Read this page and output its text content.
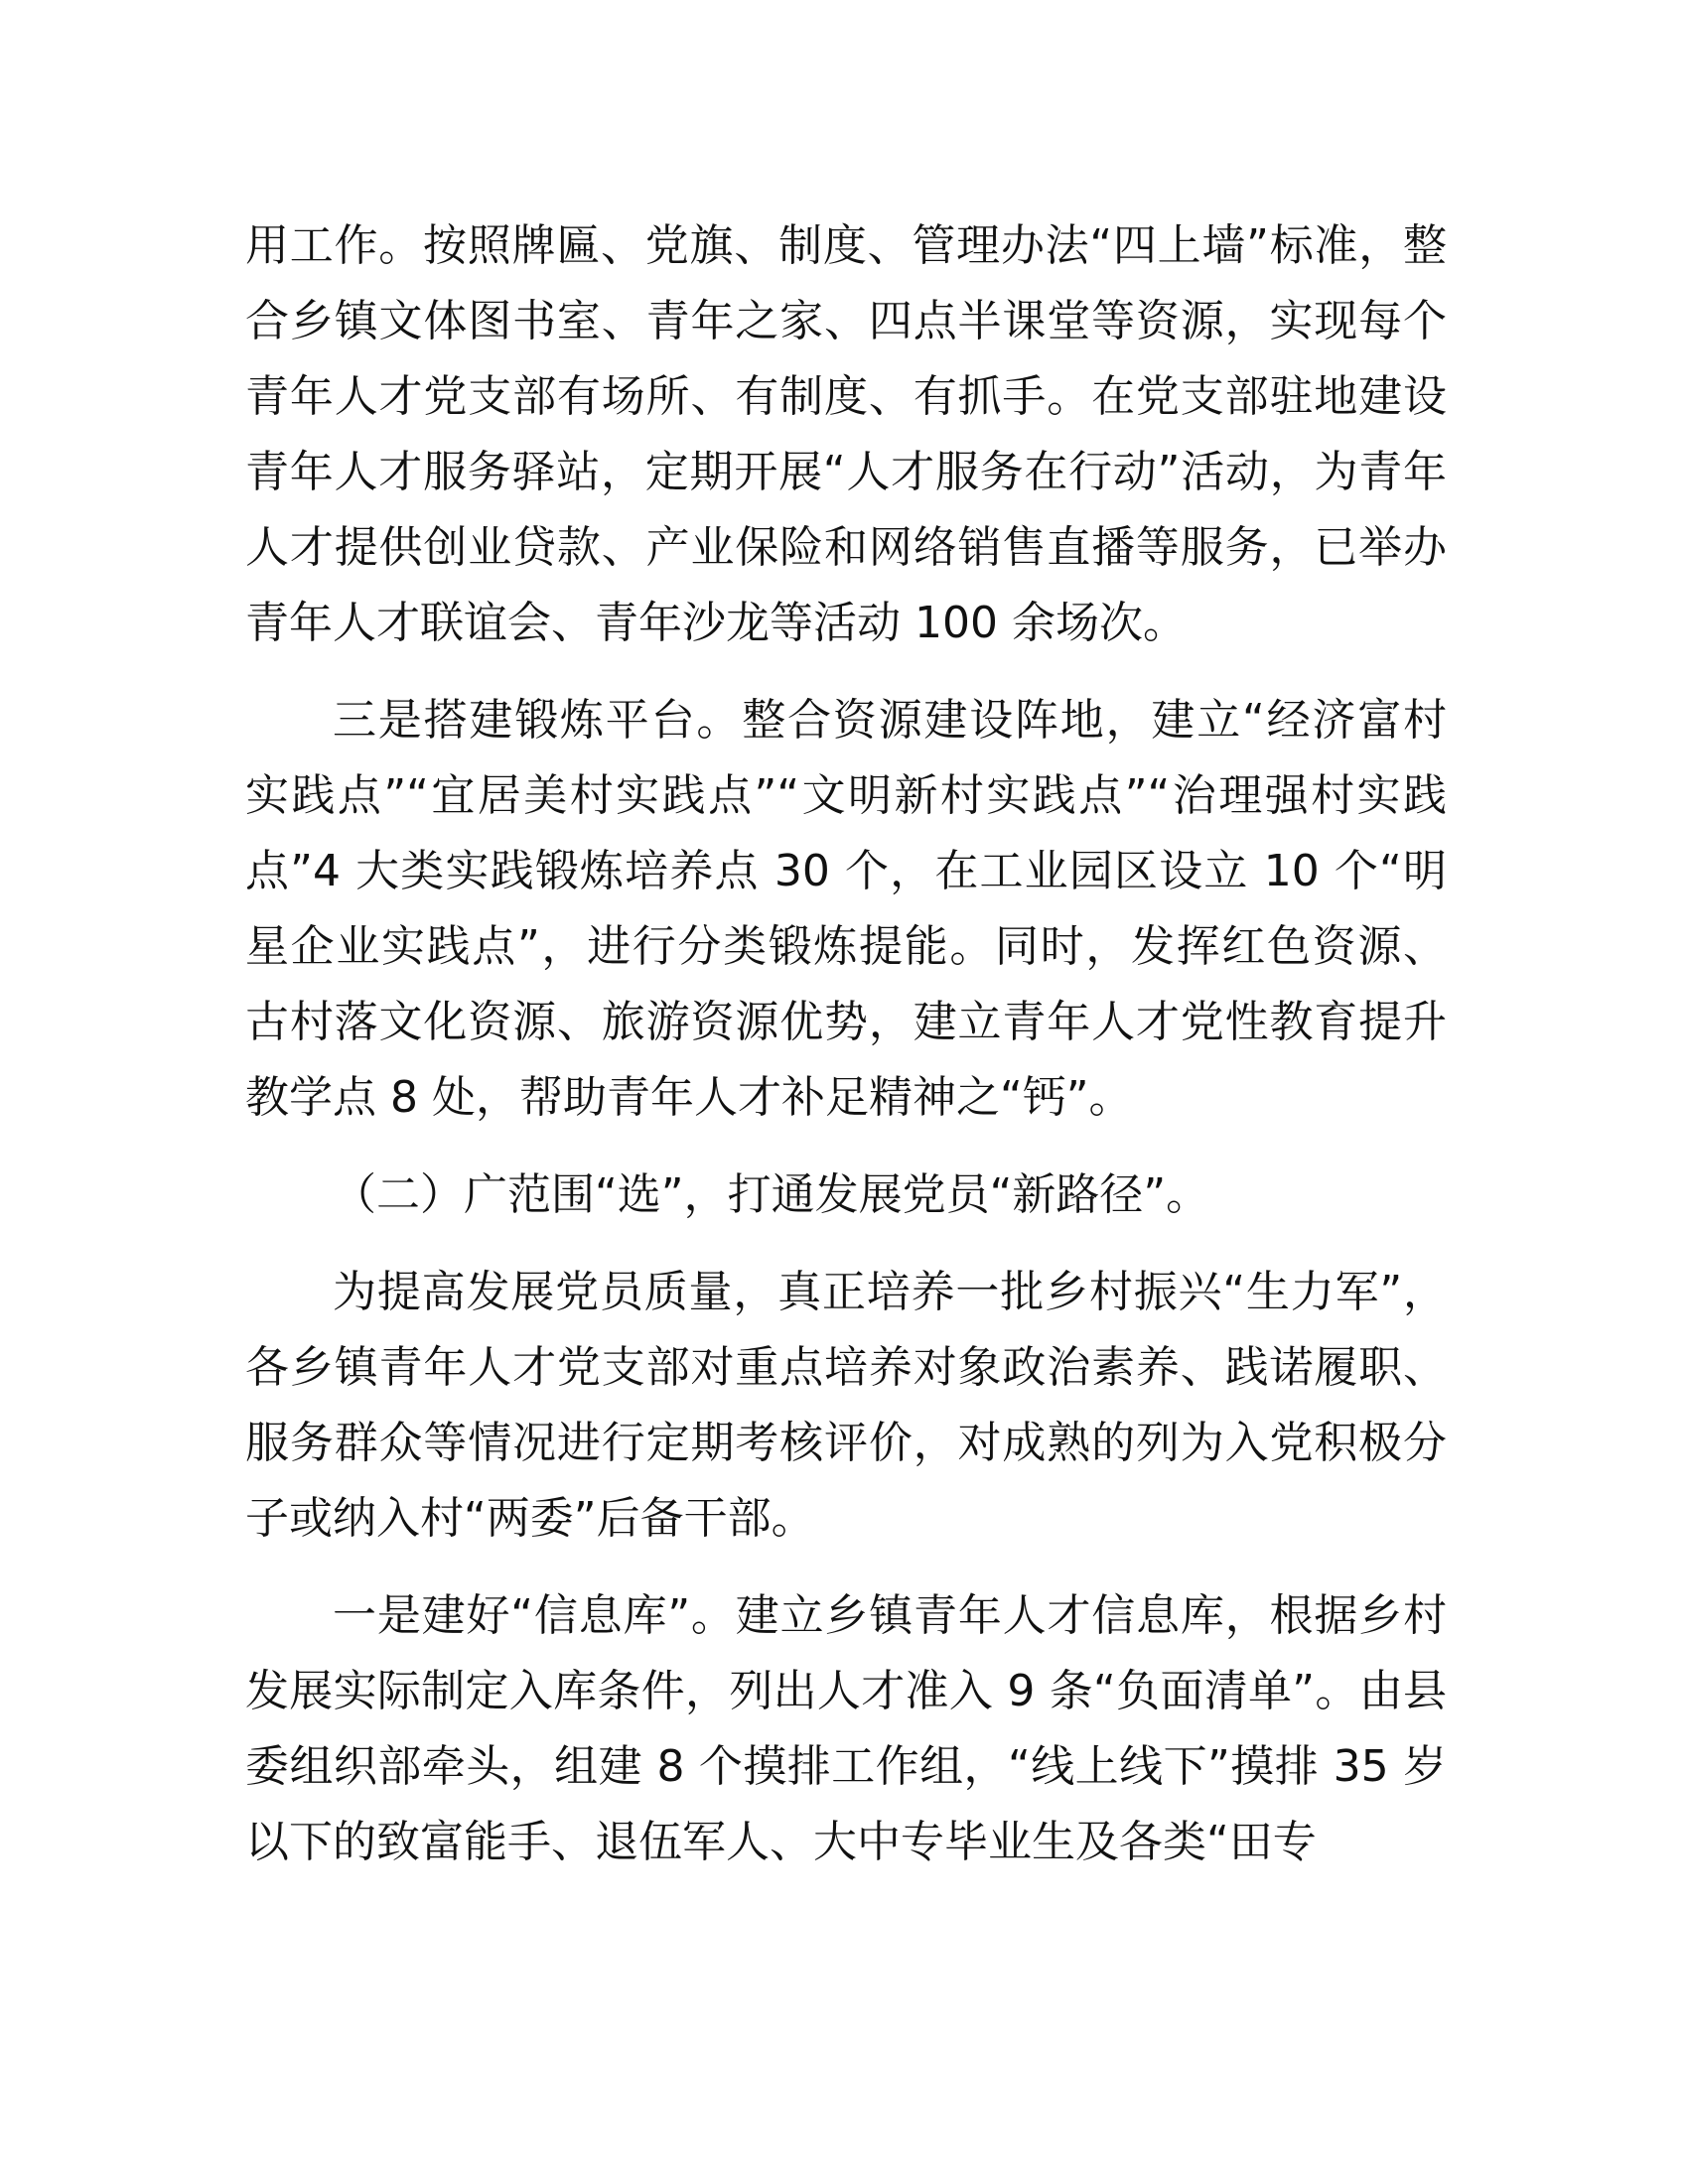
用工作。按照牌匾、党旗、制度、管理办法“四上墙”标准，整合乡镇文体图书室、青年之家、四点半课堂等资源，实现每个青年人才党支部有场所、有制度、有抓手。在党支部驻地建设青年人才服务驿站，定期开展“人才服务在行动”活动，为青年人才提供创业贷款、产业保险和网络销售直播等服务，已举办青年人才联谊会、青年沙龙等活动 100 余场次。

三是搭建锻炼平台。整合资源建设阵地，建立“经济富村实践点”“宜居美村实践点”“文明新村实践点”“治理强村实践点”4 大类实践锻炼培养点 30 个，在工业园区设立 10 个“明星企业实践点”，进行分类锻炼提能。同时，发挥红色资源、古村落文化资源、旅游资源优势，建立青年人才党性教育提升教学点 8 处，帮助青年人才补足精神之“钙”。

（二）广范围“选”，打通发展党员“新路径”。

为提高发展党员质量，真正培养一批乡村振兴“生力军”，各乡镇青年人才党支部对重点培养对象政治素养、践诺履职、服务群众等情况进行定期考核评价，对成熟的列为入党积极分子或纳入村“两委”后备干部。

一是建好“信息库”。建立乡镇青年人才信息库，根据乡村发展实际制定入库条件，列出人才准入 9 条“负面清单”。由县委组织部牵头，组建 8 个摸排工作组，“线上线下”摸排 35 岁以下的致富能手、退伍军人、大中专毕业生及各类“田专
